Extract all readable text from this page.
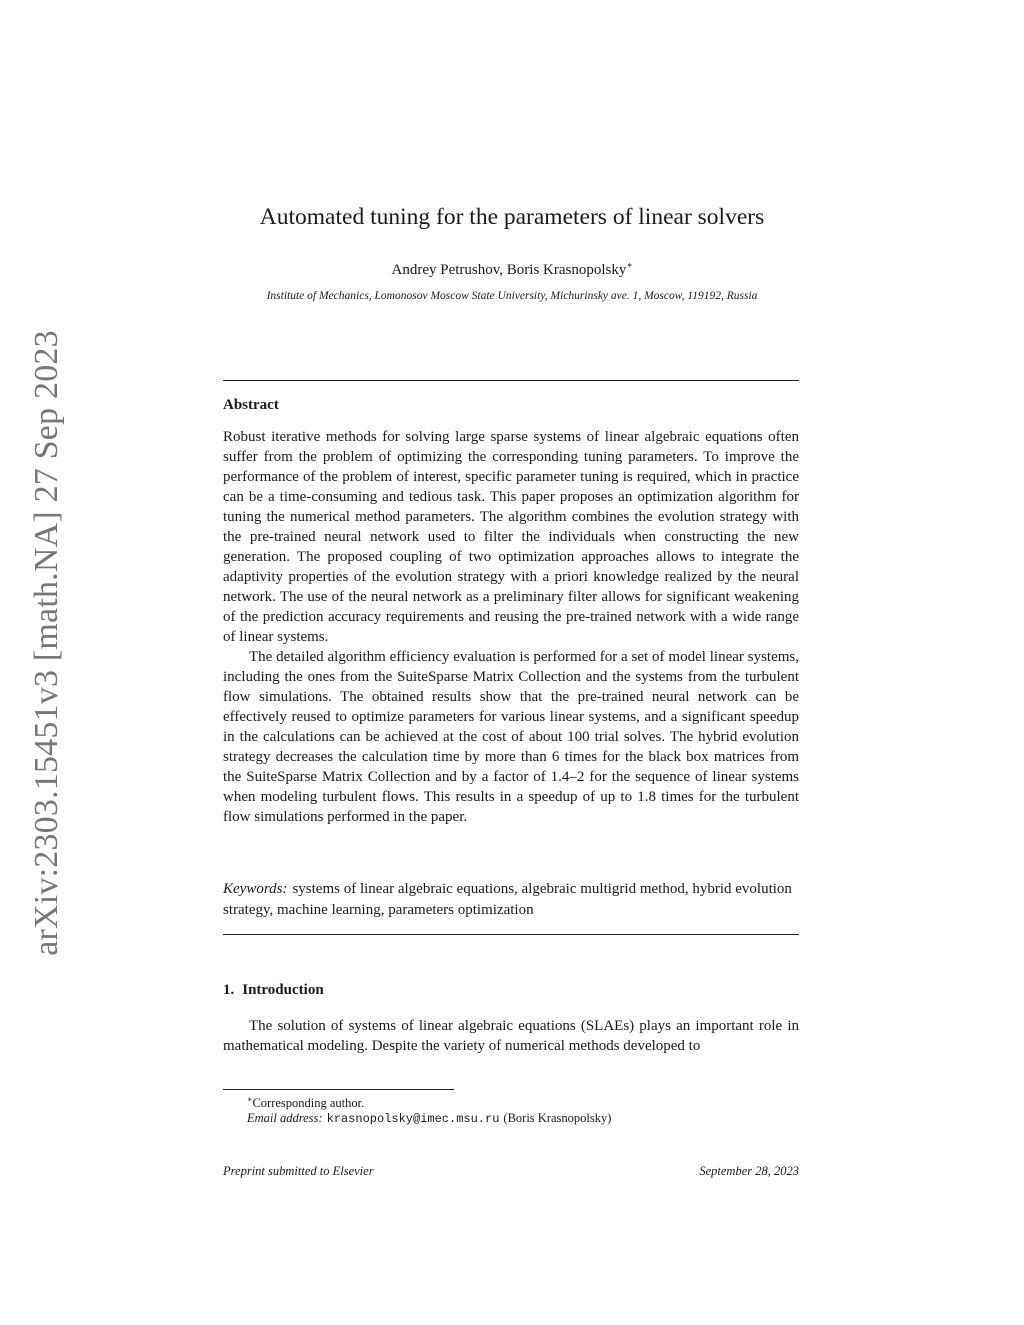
arXiv:2303.15451v3 [math.NA] 27 Sep 2023
Automated tuning for the parameters of linear solvers
Andrey Petrushov, Boris Krasnopolsky∗
Institute of Mechanics, Lomonosov Moscow State University, Michurinsky ave. 1, Moscow, 119192, Russia
Abstract

Robust iterative methods for solving large sparse systems of linear algebraic equations often suffer from the problem of optimizing the corresponding tuning parameters. To improve the performance of the problem of interest, specific parameter tuning is required, which in practice can be a time-consuming and tedious task. This paper proposes an optimization algorithm for tuning the numerical method parameters. The algorithm combines the evolution strategy with the pre-trained neural network used to filter the individuals when constructing the new generation. The proposed coupling of two optimization approaches allows to integrate the adaptivity properties of the evolution strategy with a priori knowledge realized by the neural network. The use of the neural network as a preliminary filter allows for significant weakening of the prediction accuracy requirements and reusing the pre-trained network with a wide range of linear systems.

The detailed algorithm efficiency evaluation is performed for a set of model linear systems, including the ones from the SuiteSparse Matrix Collection and the systems from the turbulent flow simulations. The obtained results show that the pre-trained neural network can be effectively reused to optimize parameters for various linear systems, and a significant speedup in the calculations can be achieved at the cost of about 100 trial solves. The hybrid evolution strategy decreases the calculation time by more than 6 times for the black box matrices from the SuiteSparse Matrix Collection and by a factor of 1.4–2 for the sequence of linear systems when modeling turbulent flows. This results in a speedup of up to 1.8 times for the turbulent flow simulations performed in the paper.

Keywords: systems of linear algebraic equations, algebraic multigrid method, hybrid evolution strategy, machine learning, parameters optimization
1. Introduction

The solution of systems of linear algebraic equations (SLAEs) plays an important role in mathematical modeling. Despite the variety of numerical methods developed to

∗Corresponding author.
Email address: krasnopolsky@imec.msu.ru (Boris Krasnopolsky)
Preprint submitted to Elsevier	September 28, 2023
